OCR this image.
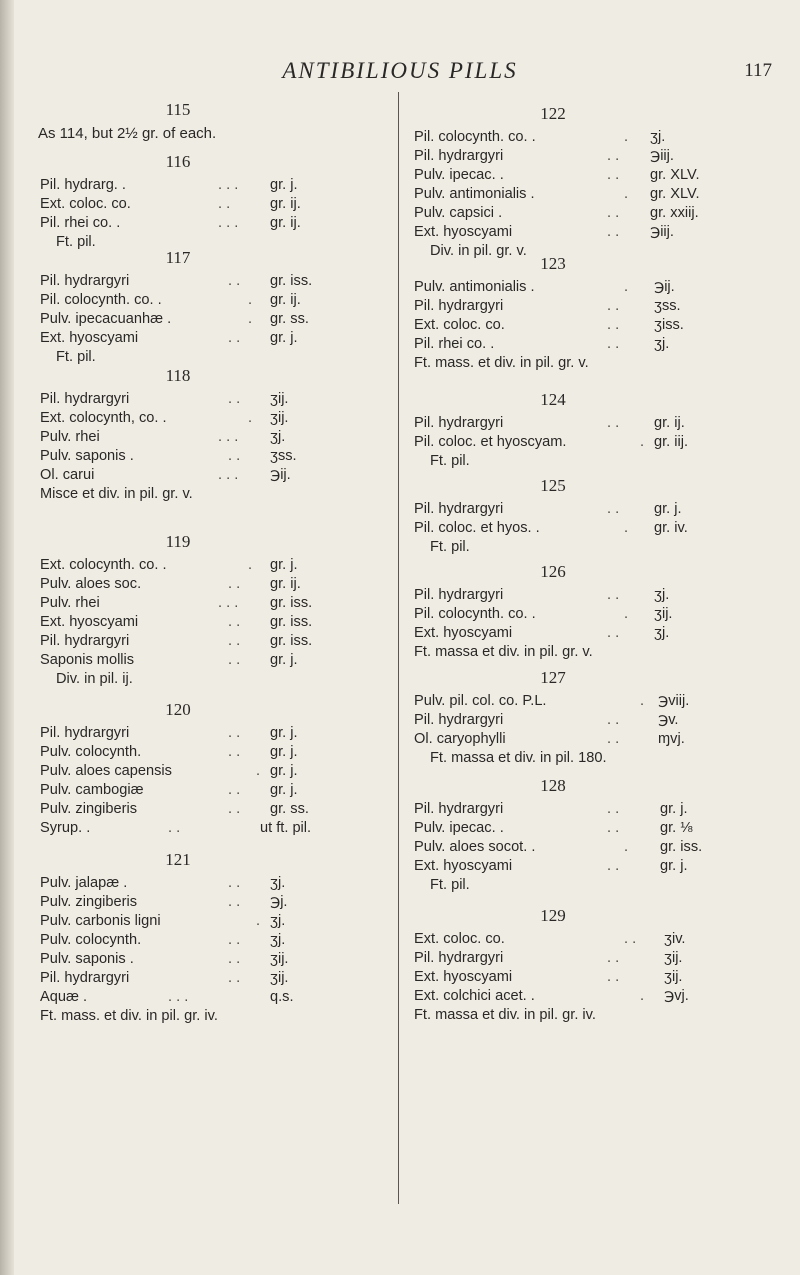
ANTIBILIOUS PILLS	117
115
As 114, but 2½ gr. of each.
116
Pil. hydrarg. .	. . . gr. j.
Ext. coloc. co.	. .	gr. ij.
Pil. rhei co. .	. . . gr. ij.
Ft. pil.
117
Pil. hydrargyri	. . gr. iss.
Pil. colocynth. co. .	. gr. ij.
Pulv. ipecacuanhæ .	. gr. ss.
Ext. hyoscyami	. . gr. j.
Ft. pil.
118
Pil. hydrargyri	. . ʒij.
Ext. colocynth, co. .	. ʒij.
Pulv. rhei	. . . ʒj.
Pulv. saponis .	. . ʒss.
Ol. carui	. . . ℈ij.
Misce et div. in pil. gr. v.
119
Ext. colocynth. co. .	. gr. j.
Pulv. aloes soc.	. . gr. ij.
Pulv. rhei	. . . gr. iss.
Ext. hyoscyami	. . gr. iss.
Pil. hydrargyri	. . gr. iss.
Saponis mollis	. . gr. j.
Div. in pil. ij.
120
Pil. hydrargyri	. . gr. j.
Pulv. colocynth.	. . gr. j.
Pulv. aloes capensis	. gr. j.
Pulv. cambogiæ	. . gr. j.
Pulv. zingiberis	. . gr. ss.
Syrup. .	. .	ut ft. pil.
121
Pulv. jalapæ .	. . ʒj.
Pulv. zingiberis	. . ℈j.
Pulv. carbonis ligni	. ʒj.
Pulv. colocynth.	. . ʒj.
Pulv. saponis .	. . ʒij.
Pil. hydrargyri	. . ʒij.
Aquæ .	. . .	q.s.
Ft. mass. et div. in pil. gr. iv.
122
Pil. colocynth. co. .	. ʒj.
Pil. hydrargyri	. . ℈iij.
Pulv. ipecac. .	. . gr. XLV.
Pulv. antimonialis .	. gr. XLV.
Pulv. capsici .	. . gr. xxiij.
Ext. hyoscyami	. . ℈iij.
Div. in pil. gr. v.
123
Pulv. antimonialis .	. ℈ij.
Pil. hydrargyri	. . ʒss.
Ext. coloc. co.	. . ʒiss.
Pil. rhei co. .	. . ʒj.
Ft. mass. et div. in pil. gr. v.
124
Pil. hydrargyri	. . gr. ij.
Pil. coloc. et hyoscyam.	. gr. iij.
Ft. pil.
125
Pil. hydrargyri	. . gr. j.
Pil. coloc. et hyos. .	. gr. iv.
Ft. pil.
126
Pil. hydrargyri	. . ʒj.
Pil. colocynth. co. .	. ʒij.
Ext. hyoscyami	. . ʒj.
Ft. massa et div. in pil. gr. v.
127
Pulv. pil. col. co. P.L.	. ℈viij.
Pil. hydrargyri	. .	℈v.
Ol. caryophylli	. .	ɱvj.
Ft. massa et div. in pil. 180.
128
Pil. hydrargyri	. .	gr. j.
Pulv. ipecac. .	. .	gr. ⅛
Pulv. aloes socot. .	. gr. iss.
Ext. hyoscyami	. .	gr. j.
Ft. pil.
129
Ext. coloc. co.	. . ʒiv.
Pil. hydrargyri	. .	ʒij.
Ext. hyoscyami	. .	ʒij.
Ext. colchici acet. .	. ℈vj.
Ft. massa et div. in pil. gr. iv.
